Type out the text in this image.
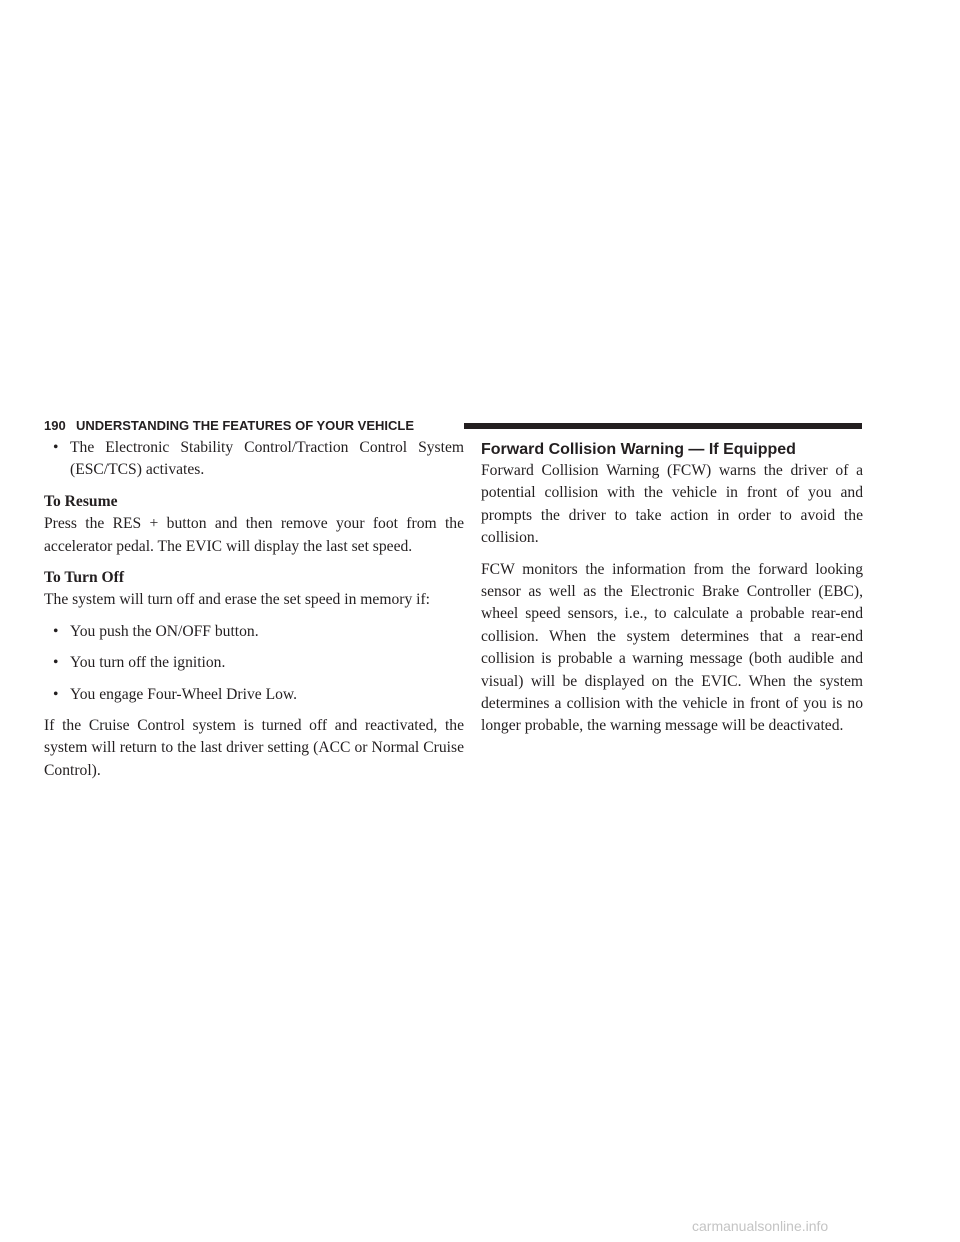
190 UNDERSTANDING THE FEATURES OF YOUR VEHICLE

• The Electronic Stability Control/Traction Control System (ESC/TCS) activates.

To Resume

Press the RES + button and then remove your foot from the accelerator pedal. The EVIC will display the last set speed.

To Turn Off

The system will turn off and erase the set speed in memory if:

• You push the ON/OFF button.

• You turn off the ignition.

• You engage Four-Wheel Drive Low.

If the Cruise Control system is turned off and reactivated, the system will return to the last driver setting (ACC or Normal Cruise Control).

Forward Collision Warning — If Equipped

Forward Collision Warning (FCW) warns the driver of a potential collision with the vehicle in front of you and prompts the driver to take action in order to avoid the collision.

FCW monitors the information from the forward looking sensor as well as the Electronic Brake Controller (EBC), wheel speed sensors, i.e., to calculate a probable rear-end collision. When the system determines that a rear-end collision is probable a warning message (both audible and visual) will be displayed on the EVIC. When the system determines a collision with the vehicle in front of you is no longer probable, the warning message will be deactivated.

carmanualsonline.info
